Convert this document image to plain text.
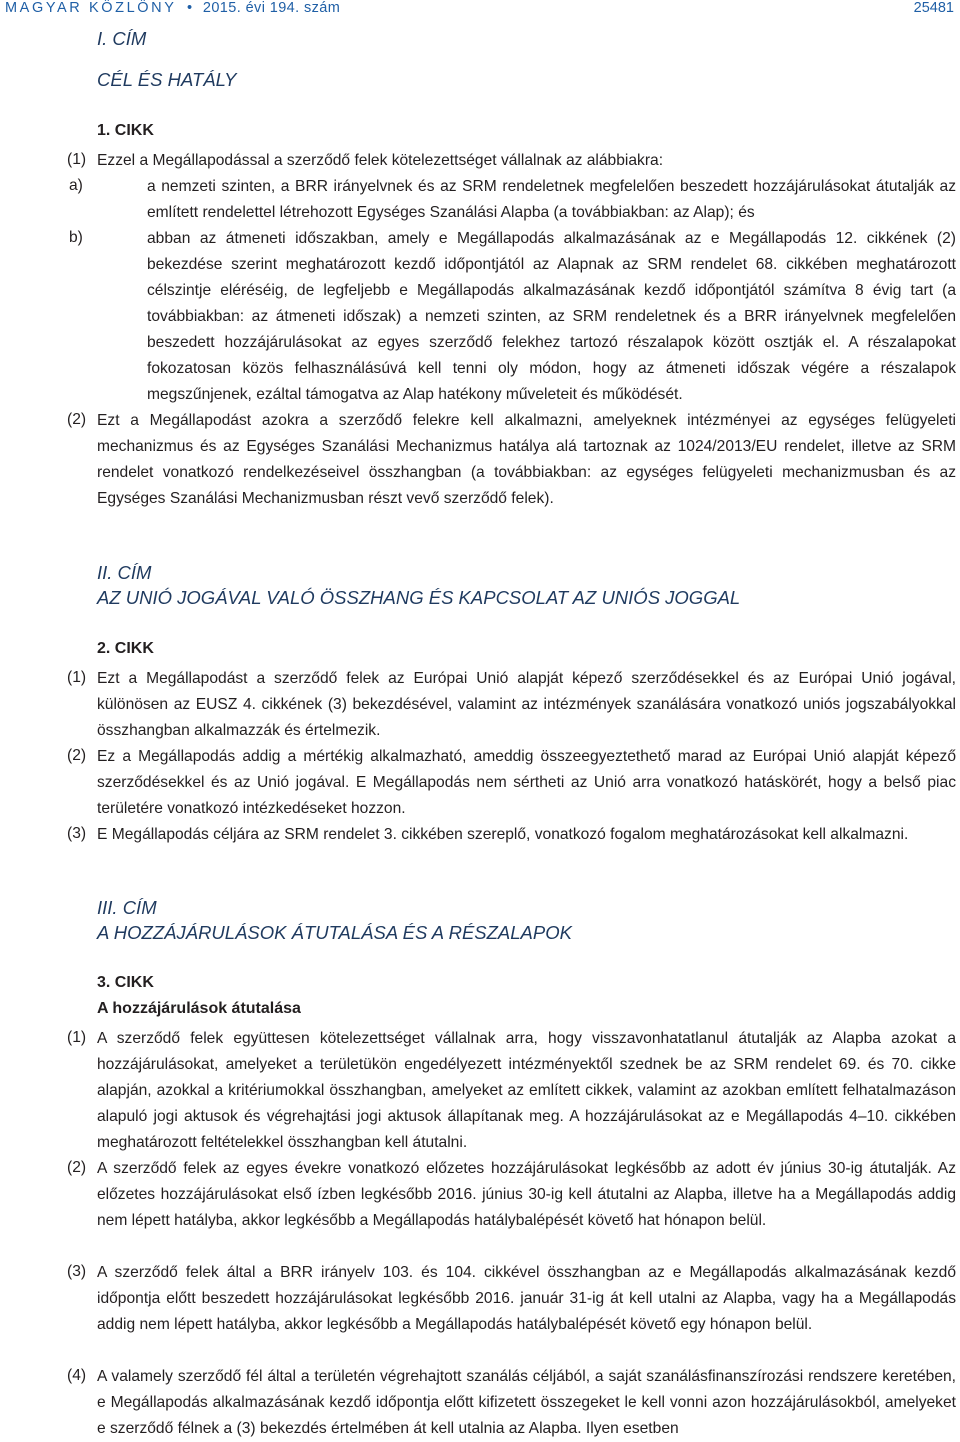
MAGYAR KÖZLÖNY • 2015. évi 194. szám	25481
I. CÍM
CÉL ÉS HATÁLY
1. CIKK
(1) Ezzel a Megállapodással a szerződő felek kötelezettséget vállalnak az alábbiakra:
a)	a nemzeti szinten, a BRR irányelvnek és az SRM rendeletnek megfelelően beszedett hozzájárulásokat átutalják az említett rendelettel létrehozott Egységes Szanálási Alapba (a továbbiakban: az Alap); és
b)	abban az átmeneti időszakban, amely e Megállapodás alkalmazásának az e Megállapodás 12. cikkének (2) bekezdése szerint meghatározott kezdő időpontjától az Alapnak az SRM rendelet 68. cikkében meghatározott célszintje eléréséig, de legfeljebb e Megállapodás alkalmazásának kezdő időpontjától számítva 8 évig tart (a továbbiakban: az átmeneti időszak) a nemzeti szinten, az SRM rendeletnek és a BRR irányelvnek megfelelően beszedett hozzájárulásokat az egyes szerződő felekhez tartozó részalapok között osztják el. A részalapokat fokozatosan közös felhasználásúvá kell tenni oly módon, hogy az átmeneti időszak végére a részalapok megszűnjenek, ezáltal támogatva az Alap hatékony műveleteit és működését.
(2) Ezt a Megállapodást azokra a szerződő felekre kell alkalmazni, amelyeknek intézményei az egységes felügyeleti mechanizmus és az Egységes Szanálási Mechanizmus hatálya alá tartoznak az 1024/2013/EU rendelet, illetve az SRM rendelet vonatkozó rendelkezéseivel összhangban (a továbbiakban: az egységes felügyeleti mechanizmusban és az Egységes Szanálási Mechanizmusban részt vevő szerződő felek).
II. CÍM
AZ UNIÓ JOGÁVAL VALÓ ÖSSZHANG ÉS KAPCSOLAT AZ UNIÓS JOGGAL
2. CIKK
(1) Ezt a Megállapodást a szerződő felek az Európai Unió alapját képező szerződésekkel és az Európai Unió jogával, különösen az EUSZ 4. cikkének (3) bekezdésével, valamint az intézmények szanálására vonatkozó uniós jogszabályokkal összhangban alkalmazzák és értelmezik.
(2) Ez a Megállapodás addig a mértékig alkalmazható, ameddig összeegyeztethető marad az Európai Unió alapját képező szerződésekkel és az Unió jogával. E Megállapodás nem sértheti az Unió arra vonatkozó hatáskörét, hogy a belső piac területére vonatkozó intézkedéseket hozzon.
(3) E Megállapodás céljára az SRM rendelet 3. cikkében szereplő, vonatkozó fogalom meghatározásokat kell alkalmazni.
III. CÍM
A HOZZÁJÁRULÁSOK ÁTUTALÁSA ÉS A RÉSZALAPOK
3. CIKK
A hozzájárulások átutalása
(1) A szerződő felek együttesen kötelezettséget vállalnak arra, hogy visszavonhatatlanul átutalják az Alapba azokat a hozzájárulásokat, amelyeket a területükön engedélyezett intézményektől szednek be az SRM rendelet 69. és 70. cikke alapján, azokkal a kritériumokkal összhangban, amelyeket az említett cikkek, valamint az azokban említett felhatalmazáson alapuló jogi aktusok és végrehajtási jogi aktusok állapítanak meg. A hozzájárulásokat az e Megállapodás 4–10. cikkében meghatározott feltételekkel összhangban kell átutalni.
(2) A szerződő felek az egyes évekre vonatkozó előzetes hozzájárulásokat legkésőbb az adott év június 30-ig átutalják. Az előzetes hozzájárulásokat első ízben legkésőbb 2016. június 30-ig kell átutalni az Alapba, illetve ha a Megállapodás addig nem lépett hatályba, akkor legkésőbb a Megállapodás hatálybalépését követő hat hónapon belül.
(3) A szerződő felek által a BRR irányelv 103. és 104. cikkével összhangban az e Megállapodás alkalmazásának kezdő időpontja előtt beszedett hozzájárulásokat legkésőbb 2016. január 31-ig át kell utalni az Alapba, vagy ha a Megállapodás addig nem lépett hatályba, akkor legkésőbb a Megállapodás hatálybalépését követő egy hónapon belül.
(4) A valamely szerződő fél által a területén végrehajtott szanálás céljából, a saját szanálásfinanszírozási rendszere keretében, e Megállapodás alkalmazásának kezdő időpontja előtt kifizetett összegeket le kell vonni azon hozzájárulásokból, amelyeket e szerződő félnek a (3) bekezdés értelmében át kell utalnia az Alapba. Ilyen esetben
